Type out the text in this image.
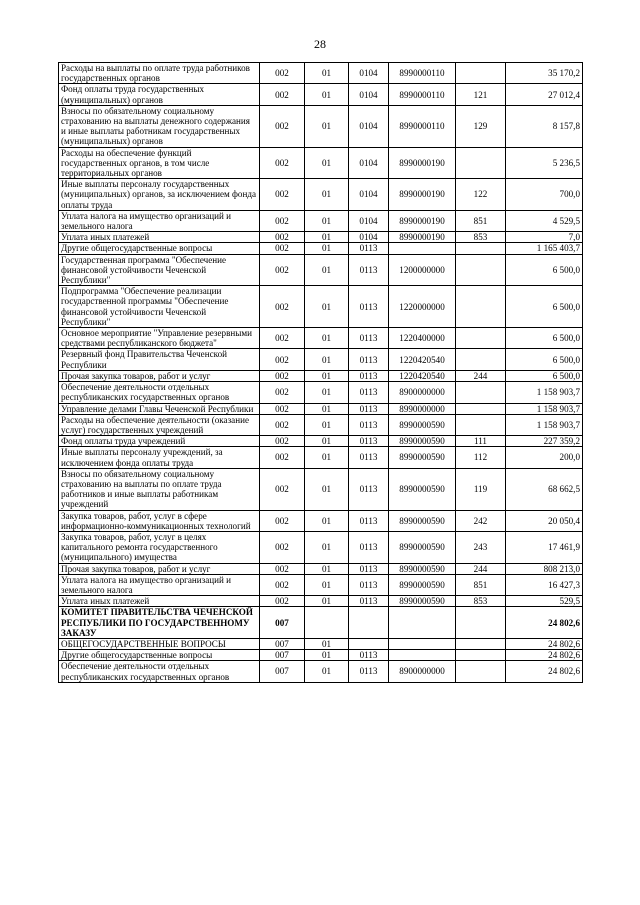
28
Расходы на выплаты по оплате труда работников государственных органов	002	01	0104	8990000110		35 170,2
Фонд оплаты труда государственных (муниципальных) органов	002	01	0104	8990000110	121	27 012,4
Взносы по обязательному социальному страхованию на выплаты денежного содержания и иные выплаты работникам государственных (муниципальных) органов	002	01	0104	8990000110	129	8 157,8
Расходы на обеспечение функций государственных органов, в том числе территориальных органов	002	01	0104	8990000190		5 236,5
Иные выплаты персоналу государственных (муниципальных) органов, за исключением фонда оплаты труда	002	01	0104	8990000190	122	700,0
Уплата налога на имущество организаций и земельного налога	002	01	0104	8990000190	851	4 529,5
Уплата иных платежей	002	01	0104	8990000190	853	7,0
Другие общегосударственные вопросы	002	01	0113			1 165 403,7
Государственная программа "Обеспечение финансовой устойчивости Чеченской Республики"	002	01	0113	1200000000		6 500,0
Подпрограмма "Обеспечение реализации государственной программы "Обеспечение финансовой устойчивости Чеченской Республики"	002	01	0113	1220000000		6 500,0
Основное мероприятие "Управление резервными средствами республиканского бюджета"	002	01	0113	1220400000		6 500,0
Резервный фонд Правительства Чеченской Республики	002	01	0113	1220420540		6 500,0
Прочая закупка товаров, работ и услуг	002	01	0113	1220420540	244	6 500,0
Обеспечение деятельности отдельных республиканских государственных органов	002	01	0113	8900000000		1 158 903,7
Управление делами Главы Чеченской Республики	002	01	0113	8990000000		1 158 903,7
Расходы на обеспечение деятельности (оказание услуг) государственных учреждений	002	01	0113	8990000590		1 158 903,7
Фонд оплаты труда учреждений	002	01	0113	8990000590	111	227 359,2
Иные выплаты персоналу учреждений, за исключением фонда оплаты труда	002	01	0113	8990000590	112	200,0
Взносы по обязательному социальному страхованию на выплаты по оплате труда работников и иные выплаты работникам учреждений	002	01	0113	8990000590	119	68 662,5
Закупка товаров, работ, услуг в сфере информационно-коммуникационных технологий	002	01	0113	8990000590	242	20 050,4
Закупка товаров, работ, услуг в целях капитального ремонта государственного (муниципального) имущества	002	01	0113	8990000590	243	17 461,9
Прочая закупка товаров, работ и услуг	002	01	0113	8990000590	244	808 213,0
Уплата налога на имущество организаций и земельного налога	002	01	0113	8990000590	851	16 427,3
Уплата иных платежей	002	01	0113	8990000590	853	529,5
КОМИТЕТ ПРАВИТЕЛЬСТВА ЧЕЧЕНСКОЙ РЕСПУБЛИКИ ПО ГОСУДАРСТВЕННОМУ ЗАКАЗУ	007					24 802,6
ОБЩЕГОСУДАРСТВЕННЫЕ ВОПРОСЫ	007	01				24 802,6
Другие общегосударственные вопросы	007	01	0113			24 802,6
Обеспечение деятельности отдельных республиканских государственных органов	007	01	0113	8900000000		24 802,6
